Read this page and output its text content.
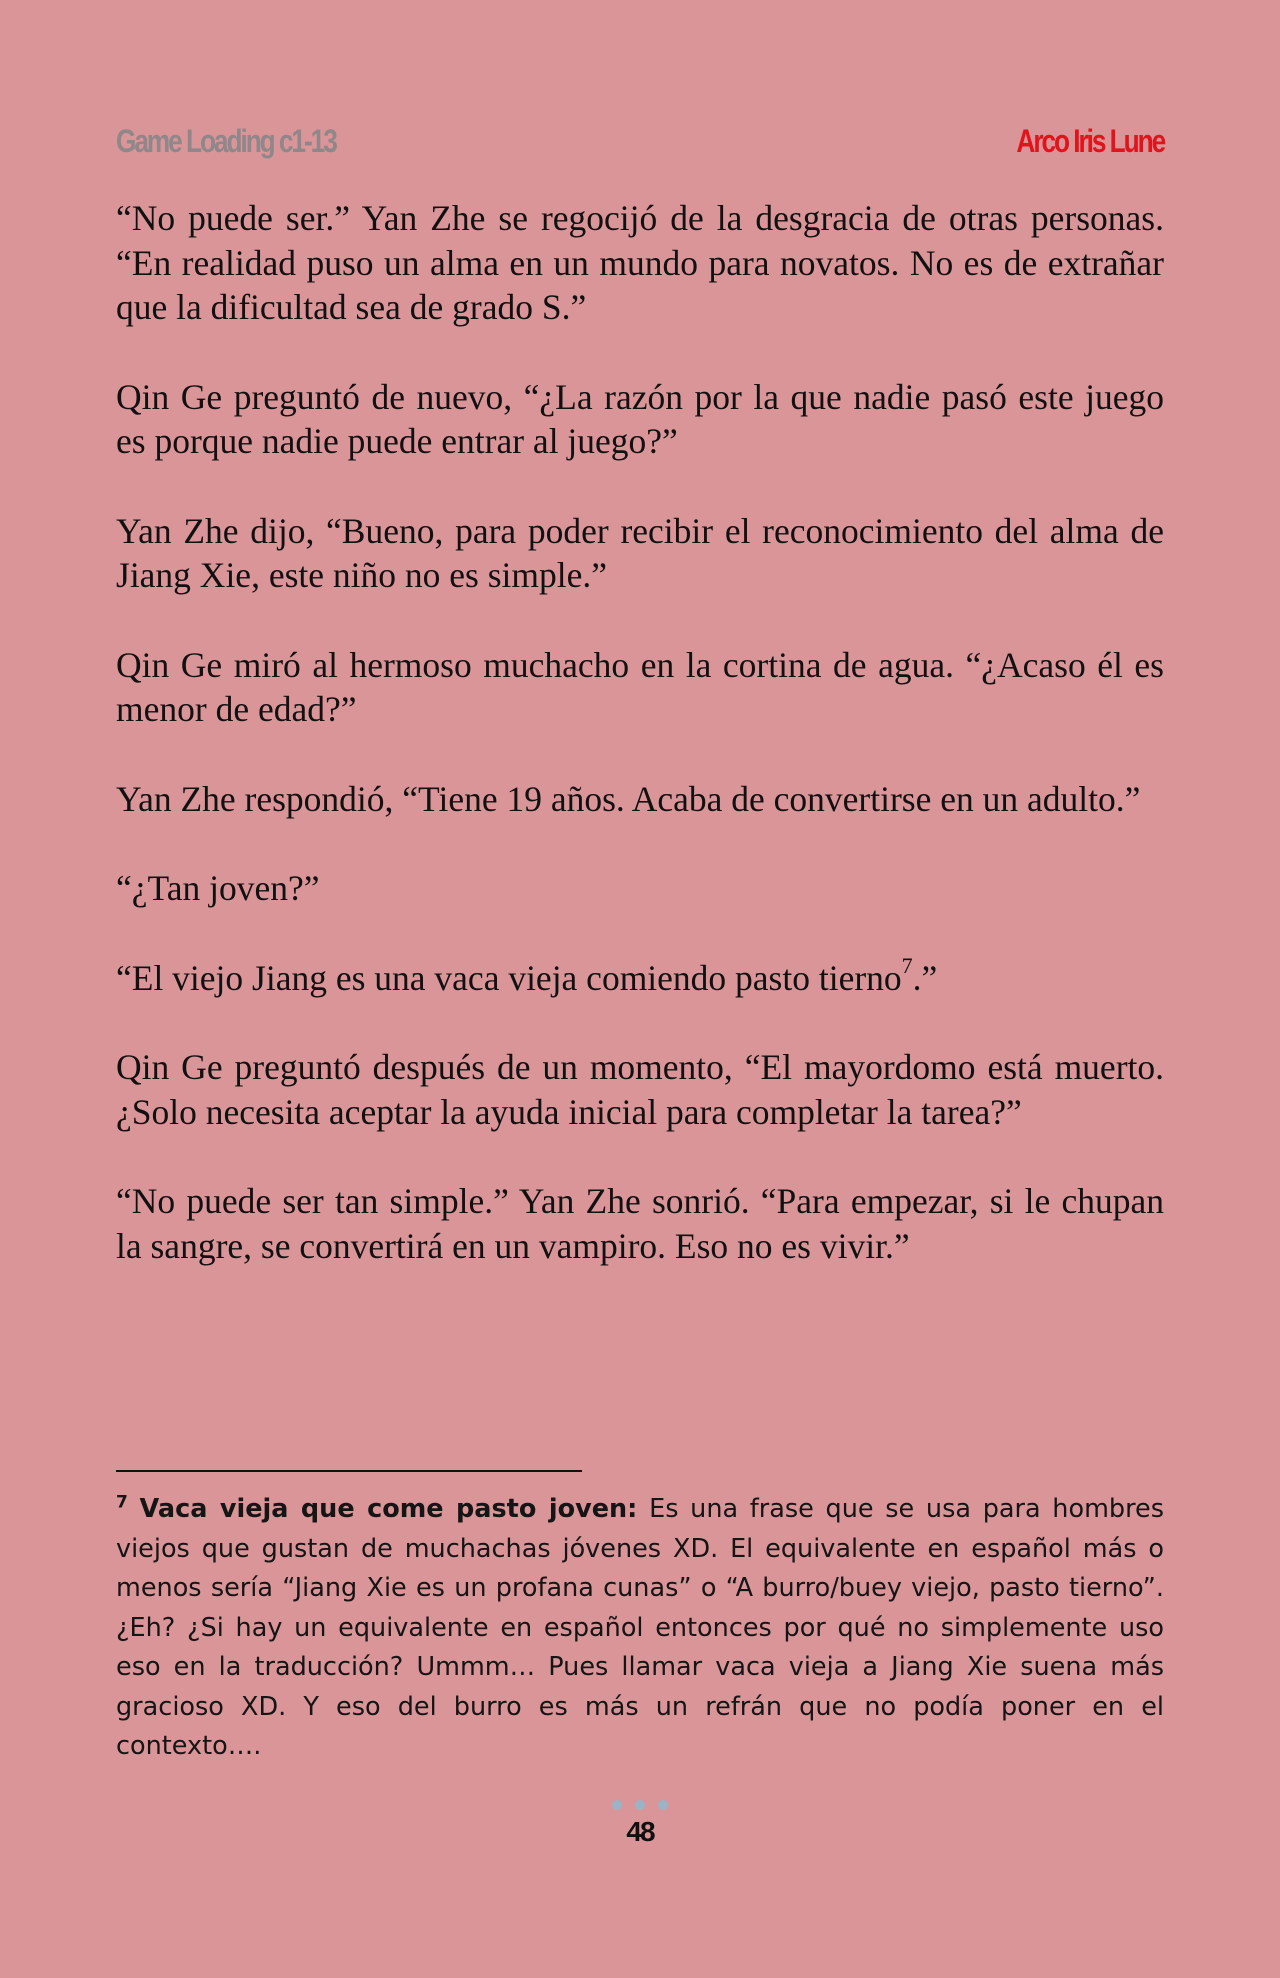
Game Loading c1-13	Arco Iris Lune

“No puede ser.” Yan Zhe se regocijó de la desgracia de otras personas. “En realidad puso un alma en un mundo para novatos. No es de extrañar que la dificultad sea de grado S.”

Qin Ge preguntó de nuevo, “¿La razón por la que nadie pasó este juego es porque nadie puede entrar al juego?”

Yan Zhe dijo, “Bueno, para poder recibir el reconocimiento del alma de Jiang Xie, este niño no es simple.”

Qin Ge miró al hermoso muchacho en la cortina de agua. “¿Acaso él es menor de edad?”

Yan Zhe respondió, “Tiene 19 años. Acaba de convertirse en un adulto.”

“¿Tan joven?”

“El viejo Jiang es una vaca vieja comiendo pasto tierno$^7$.”

Qin Ge preguntó después de un momento, “El mayordomo está muerto. ¿Solo necesita aceptar la ayuda inicial para completar la tarea?”

“No puede ser tan simple.” Yan Zhe sonrió. “Para empezar, si le chupan la sangre, se convertirá en un vampiro. Eso no es vivir.”

$^7$ Vaca vieja que come pasto joven: Es una frase que se usa para hombres viejos que gustan de muchachas jóvenes XD. El equivalente en español más o menos sería “Jiang Xie es un profana cunas” o “A burro/buey viejo, pasto tierno”. ¿Eh? ¿Si hay un equivalente en español entonces por qué no simplemente uso eso en la traducción? Ummm… Pues llamar vaca vieja a Jiang Xie suena más gracioso XD. Y eso del burro es más un refrán que no podía poner en el contexto….
48
